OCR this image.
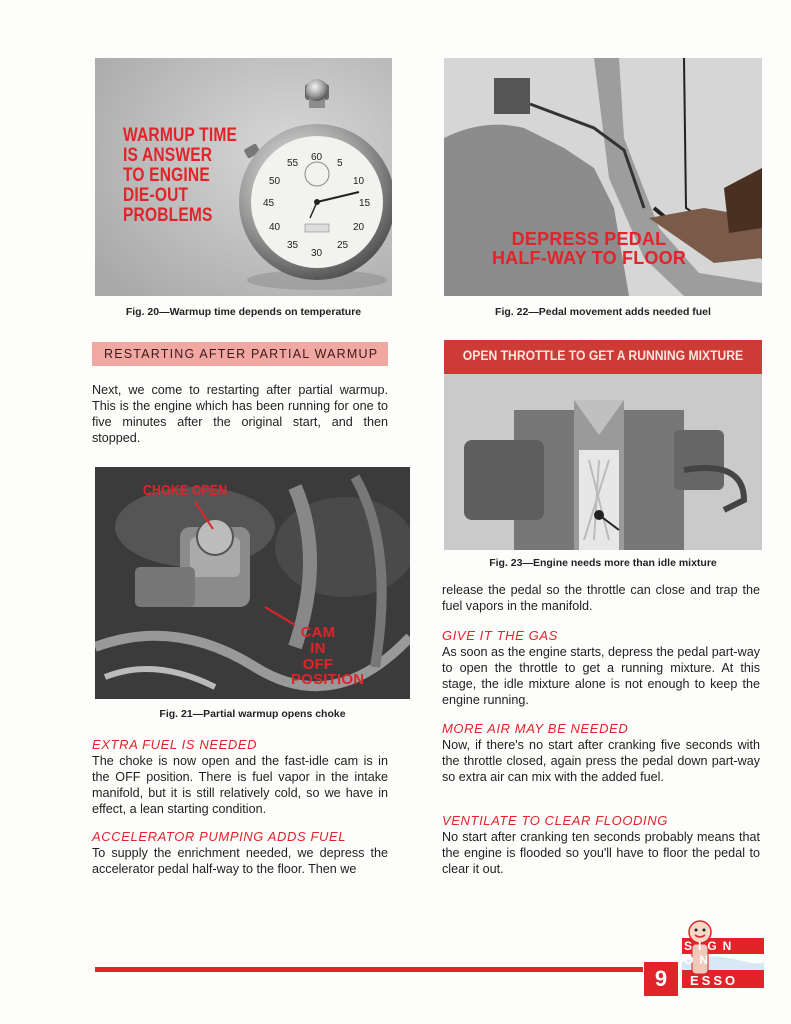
60
5
10
15
20
25
30
35
40
45
50
55
WARMUP TIME
IS ANSWER
TO ENGINE
DIE-OUT
PROBLEMS
Fig. 20—Warmup time depends on temperature
DEPRESS PEDAL
HALF-WAY TO FLOOR
Fig. 22—Pedal movement adds needed fuel
RESTARTING AFTER PARTIAL WARMUP
Next, we come to restarting after partial warmup. This is the engine which has been running for one to five minutes after the original start, and then stopped.
CHOKE OPEN
CAM IN
OFF
POSITION
Fig. 21—Partial warmup opens choke
OPEN THROTTLE TO GET A RUNNING MIXTURE
Fig. 23—Engine needs more than idle mixture
release the pedal so the throttle can close and trap the fuel vapors in the manifold.
GIVE IT THE GAS
As soon as the engine starts, depress the pedal part-way to open the throttle to get a running mixture. At this stage, the idle mixture alone is not enough to keep the engine running.
MORE AIR MAY BE NEEDED
Now, if there's no start after cranking five seconds with the throttle closed, again press the pedal down part-way so extra air can mix with the added fuel.
VENTILATE TO CLEAR FLOODING
No start after cranking ten seconds probably means that the engine is flooded so you'll have to floor the pedal to clear it out.
EXTRA FUEL IS NEEDED
The choke is now open and the fast-idle cam is in the OFF position. There is fuel vapor in the intake manifold, but it is still relatively cold, so we have in effect, a lean starting condition.
ACCELERATOR PUMPING ADDS FUEL
To supply the enrichment needed, we depress the accelerator pedal half-way to the floor. Then we
9
SIGN ON
ESSO
